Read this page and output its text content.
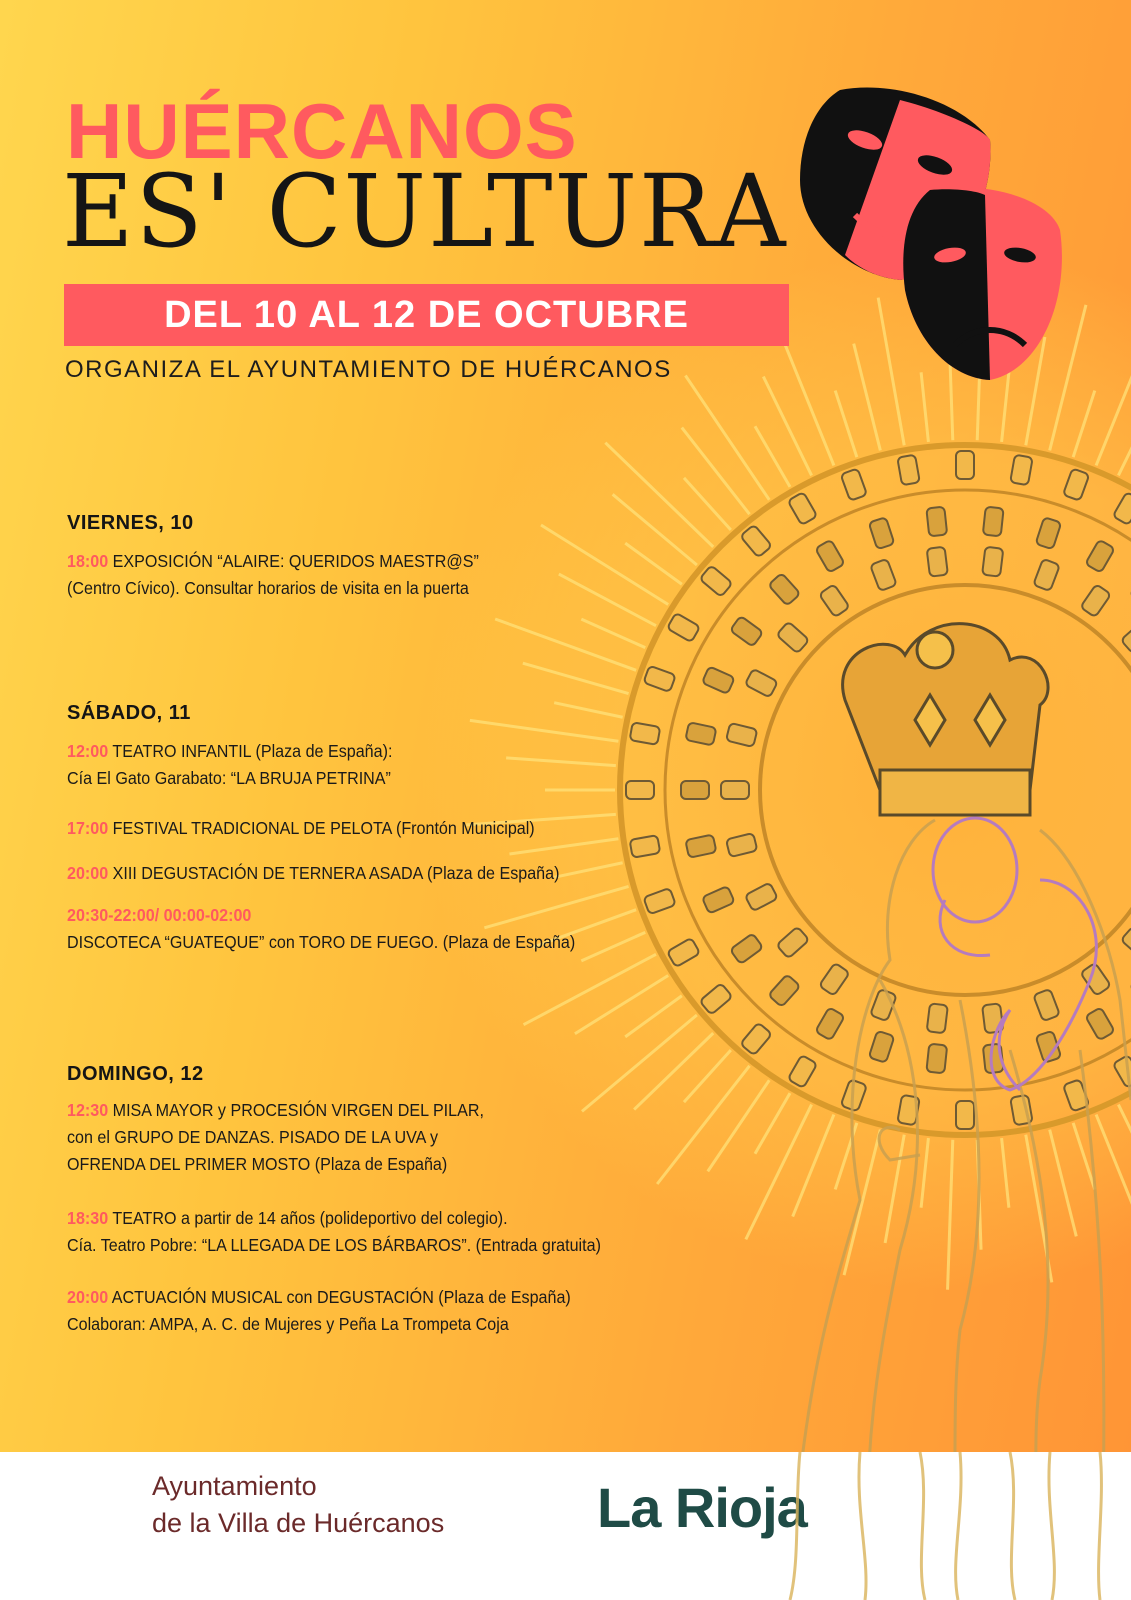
HUÉRCANOS
ES' CULTURA
DEL 10 AL 12 DE OCTUBRE
ORGANIZA EL AYUNTAMIENTO DE HUÉRCANOS
VIERNES, 10
18:00 EXPOSICIÓN “ALAIRE: QUERIDOS MAESTR@S”
(Centro Cívico). Consultar horarios de visita en la puerta
SÁBADO, 11
12:00 TEATRO INFANTIL (Plaza de España):
Cía El Gato Garabato: “LA BRUJA PETRINA”
17:00 FESTIVAL TRADICIONAL DE PELOTA (Frontón Municipal)
20:00 XIII DEGUSTACIÓN DE TERNERA ASADA (Plaza de España)
20:30-22:00/ 00:00-02:00
DISCOTECA “GUATEQUE” con TORO DE FUEGO. (Plaza de España)
DOMINGO, 12
12:30 MISA MAYOR y PROCESIÓN VIRGEN DEL PILAR,
con el GRUPO DE DANZAS. PISADO DE LA UVA y
OFRENDA DEL PRIMER MOSTO (Plaza de España)
18:30 TEATRO a partir de 14 años (polideportivo del colegio).
Cía. Teatro Pobre: “LA LLEGADA DE LOS BÁRBAROS”. (Entrada gratuita)
20:00 ACTUACIÓN MUSICAL con DEGUSTACIÓN (Plaza de España)
Colaboran: AMPA, A. C. de Mujeres y Peña La Trompeta Coja
Ayuntamiento
de la Villa de Huércanos	La Rioja
